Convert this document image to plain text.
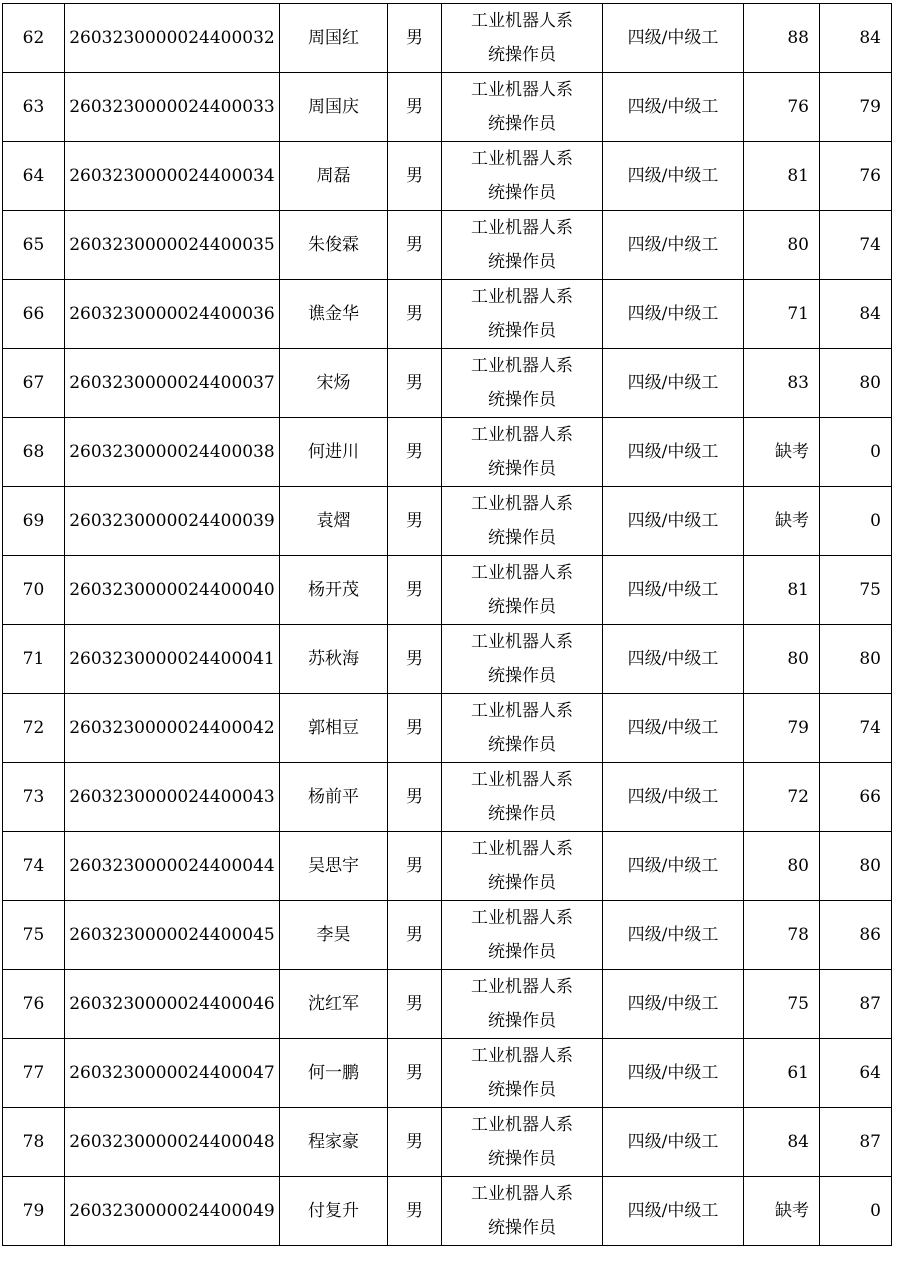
62	2603230000024400032	周国红	男	工业机器人系
统操作员	四级/中级工	88	84
63	2603230000024400033	周国庆	男	工业机器人系
统操作员	四级/中级工	76	79
64	2603230000024400034	周磊	男	工业机器人系
统操作员	四级/中级工	81	76
65	2603230000024400035	朱俊霖	男	工业机器人系
统操作员	四级/中级工	80	74
66	2603230000024400036	谯金华	男	工业机器人系
统操作员	四级/中级工	71	84
67	2603230000024400037	宋炀	男	工业机器人系
统操作员	四级/中级工	83	80
68	2603230000024400038	何进川	男	工业机器人系
统操作员	四级/中级工	缺考	0
69	2603230000024400039	袁熠	男	工业机器人系
统操作员	四级/中级工	缺考	0
70	2603230000024400040	杨开茂	男	工业机器人系
统操作员	四级/中级工	81	75
71	2603230000024400041	苏秋海	男	工业机器人系
统操作员	四级/中级工	80	80
72	2603230000024400042	郭相豆	男	工业机器人系
统操作员	四级/中级工	79	74
73	2603230000024400043	杨前平	男	工业机器人系
统操作员	四级/中级工	72	66
74	2603230000024400044	吴思宇	男	工业机器人系
统操作员	四级/中级工	80	80
75	2603230000024400045	李昊	男	工业机器人系
统操作员	四级/中级工	78	86
76	2603230000024400046	沈红军	男	工业机器人系
统操作员	四级/中级工	75	87
77	2603230000024400047	何一鹏	男	工业机器人系
统操作员	四级/中级工	61	64
78	2603230000024400048	程家豪	男	工业机器人系
统操作员	四级/中级工	84	87
79	2603230000024400049	付复升	男	工业机器人系
统操作员	四级/中级工	缺考	0
